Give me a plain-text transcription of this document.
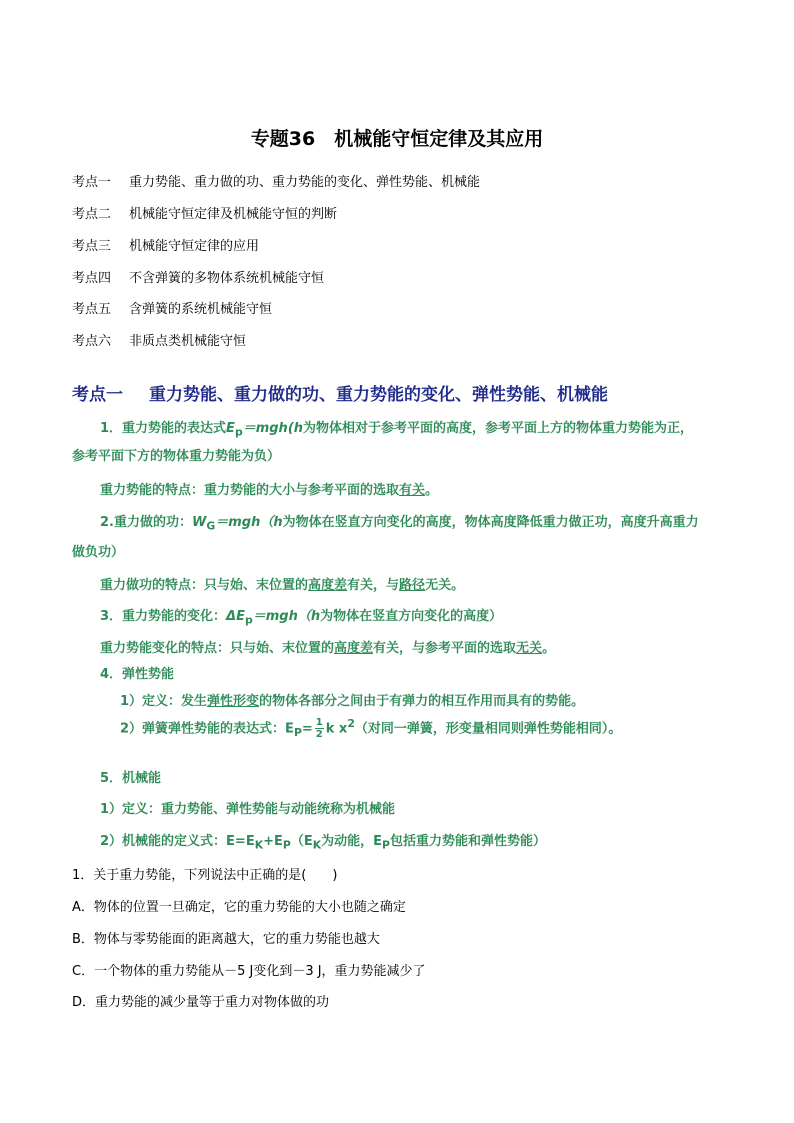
专题36　机械能守恒定律及其应用
考点一 重力势能、重力做的功、重力势能的变化、弹性势能、机械能
考点二 机械能守恒定律及机械能守恒的判断
考点三 机械能守恒定律的应用
考点四 不含弹簧的多物体系统机械能守恒
考点五 含弹簧的系统机械能守恒
考点六 非质点类机械能守恒
考点一 重力势能、重力做的功、重力势能的变化、弹性势能、机械能
1．重力势能的表达式$E_p=mgh(h$为物体相对于参考平面的高度，参考平面上方的物体重力势能为正，
参考平面下方的物体重力势能为负）
重力势能的特点：重力势能的大小与参考平面的选取有关。
2.重力做的功：$W_G=mgh(h$为物体在竖直方向变化的高度，物体高度降低重力做正功，高度升高重力
做负功）
重力做功的特点：只与始、末位置的高度差有关，与路径无关。
3．重力势能的变化：$\Delta E_p=mgh(h$为物体在竖直方向变化的高度）
重力势能变化的特点：只与始、末位置的高度差有关，与参考平面的选取无关。
4．弹性势能
1）定义：发生弹性形变的物体各部分之间由于有弹力的相互作用而具有的势能。
2）弹簧弹性势能的表达式：$E_P= \frac{1}{2}$ k $x^2$（对同一弹簧，形变量相同则弹性势能相同）。
5．机械能
1）定义：重力势能、弹性势能与动能统称为机械能
2）机械能的定义式：$E=E_K+E_P(E_K$为动能，$E_P$包括重力势能和弹性势能）
1．关于重力势能，下列说法中正确的是(　　)
A．物体的位置一旦确定，它的重力势能的大小也随之确定
B．物体与零势能面的距离越大，它的重力势能也越大
C．一个物体的重力势能从－5 J变化到－3 J，重力势能减少了
D．重力势能的减少量等于重力对物体做的功
